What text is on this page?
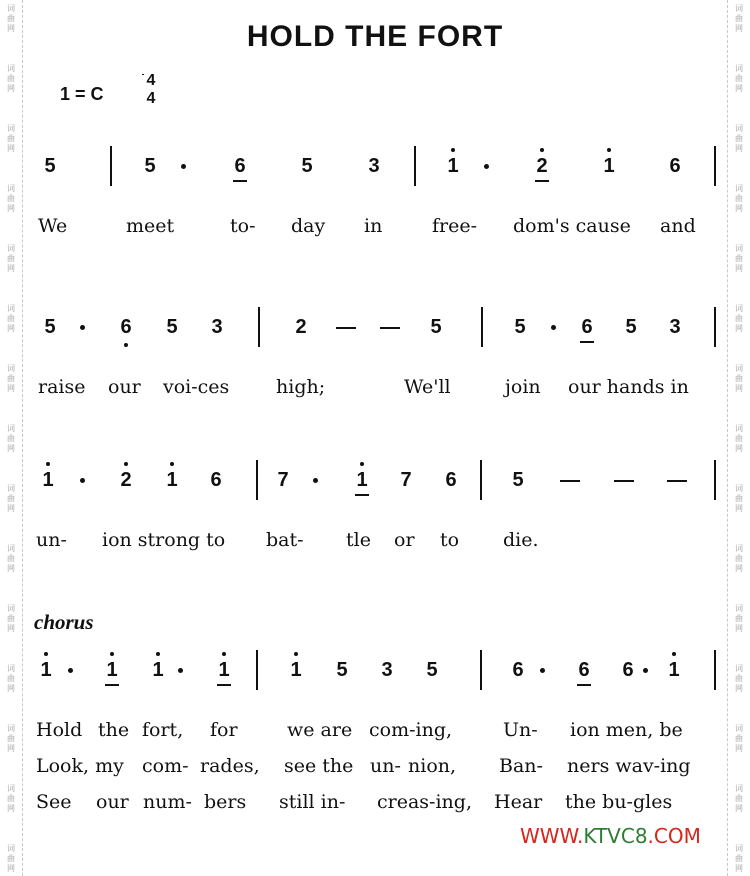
词
曲
网
词
曲
网
词
曲
网
词
曲
网
词
曲
网
词
曲
网
词
曲
网
词
曲
网
词
曲
网
词
曲
网
词
曲
网
词
曲
网
词
曲
网
词
曲
网
词
曲
网
词
曲
网
词
曲
网
词
曲
网
词
曲
网
词
曲
网
词
曲
网
词
曲
网
词
曲
网
词
曲
网
词
曲
网
词
曲
网
词
曲
网
词
曲
网
词
曲
网
词
曲
网
HOLD THE FORT
1 = C
4
4
5	5	6	5	3	1	2	1	6
We	meet	to- day in	free- dom's cause and
5	6	5	3	2	5	5	6	5	3
raise our voi-ces high;	We'll	join our hands in
1	2	1	6	7	1	7	6	5
un- ion strong to bat- tle or to die.
chorus
1	1	1	1	1	5	3	5	6	6	6	1
Hold the fort, for	we are com-ing,	Un- ion men, be
Look, my com- rades, see the un- nion, Ban- ners wav-ing
See our num- bers still in- creas-ing, Hear the bu-gles
WWW.KTVC8.COM
